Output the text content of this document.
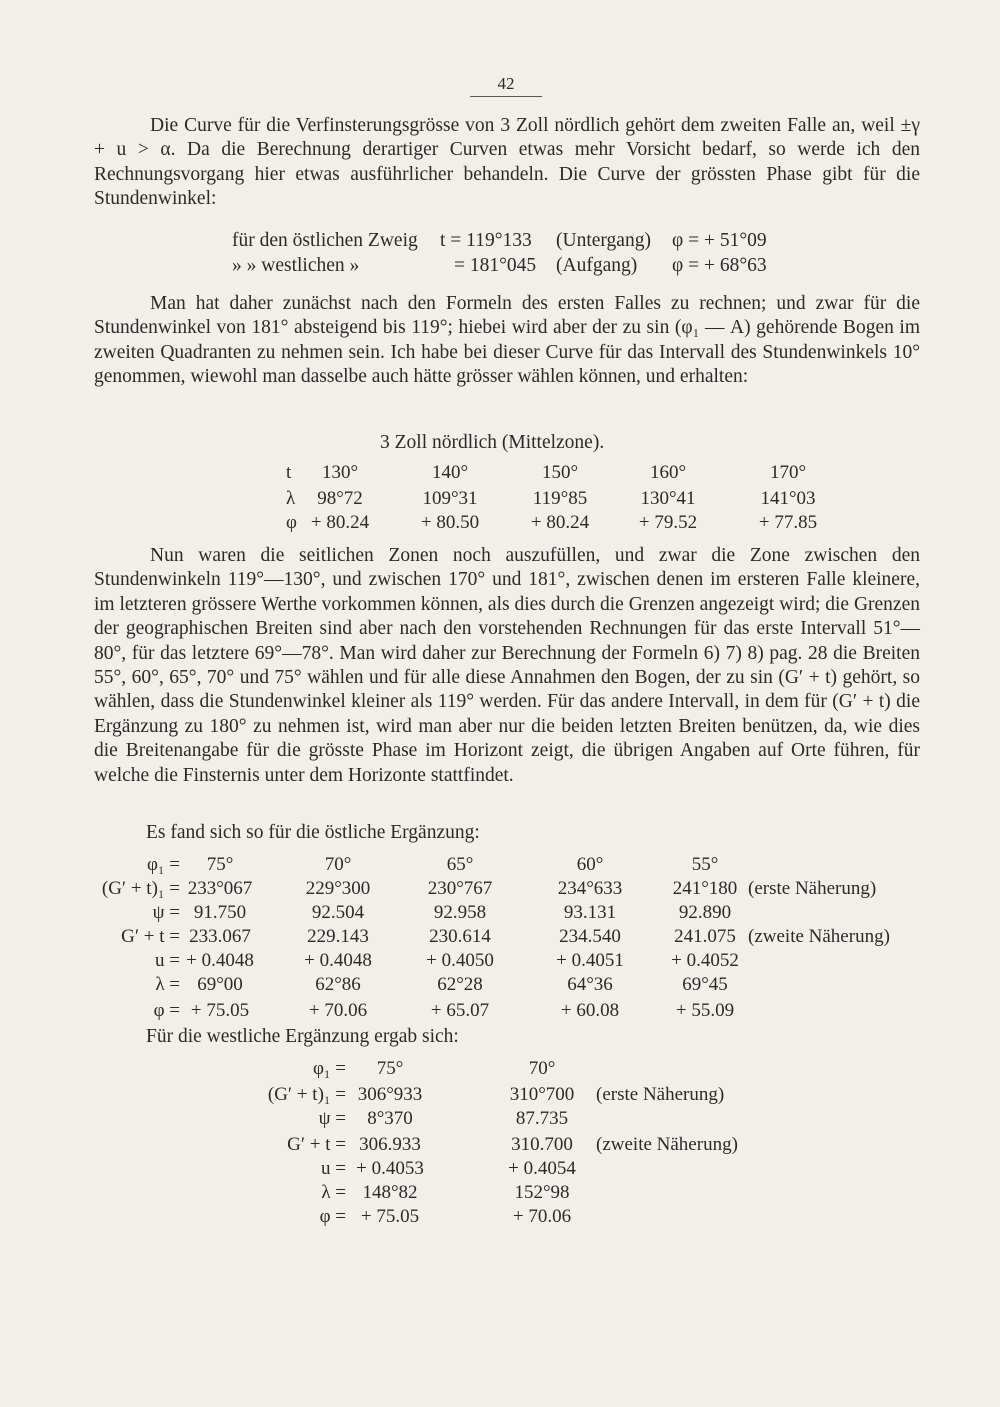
42
Die Curve für die Verfinsterungsgrösse von 3 Zoll nördlich gehört dem zweiten Falle an, weil ±γ + u > α. Da die Berechnung derartiger Curven etwas mehr Vorsicht bedarf, so werde ich den Rechnungsvorgang hier etwas ausführlicher behandeln. Die Curve der grössten Phase gibt für die Stundenwinkel:
für den östlichen Zweig t = 119°133 (Untergang) φ = + 51°09
» » westlichen »	= 181°045 (Aufgang) φ = + 68°63
Man hat daher zunächst nach den Formeln des ersten Falles zu rechnen; und zwar für die Stundenwinkel von 181° absteigend bis 119°; hiebei wird aber der zu sin (φ₁ — A) gehörende Bogen im zweiten Quadranten zu nehmen sein. Ich habe bei dieser Curve für das Intervall des Stundenwinkels 10° genommen, wiewohl man dasselbe auch hätte grösser wählen können, und erhalten:
3 Zoll nördlich (Mittelzone).
t	130°	140°	150°	160°	170°
λ	98°72	109°31	119°85	130°41	141°03
φ + 80.24	+ 80.50	+ 80.24	+ 79.52	+ 77.85
Nun waren die seitlichen Zonen noch auszufüllen, und zwar die Zone zwischen den Stundenwinkeln 119°—130°, und zwischen 170° und 181°, zwischen denen im ersteren Falle kleinere, im letzteren grössere Werthe vorkommen können, als dies durch die Grenzen angezeigt wird; die Grenzen der geographischen Breiten sind aber nach den vorstehenden Rechnungen für das erste Intervall 51°—80°, für das letztere 69°—78°. Man wird daher zur Berechnung der Formeln 6) 7) 8) pag. 28 die Breiten 55°, 60°, 65°, 70° und 75° wählen und für alle diese Annahmen den Bogen, der zu sin (G′ + t) gehört, so wählen, dass die Stundenwinkel kleiner als 119° werden. Für das andere Intervall, in dem für (G′ + t) die Ergänzung zu 180° zu nehmen ist, wird man aber nur die beiden letzten Breiten benützen, da, wie dies die Breitenangabe für die grösste Phase im Horizont zeigt, die übrigen Angaben auf Orte führen, für welche die Finsternis unter dem Horizonte stattfindet.
Es fand sich so für die östliche Ergänzung:
φ₁ =	75°	70°	65°	60°	55°
(G′ + t)₁ = 233°067	229°300	230°767	234°633	241°180 (erste Näherung)
ψ = 91.750	92.504	92.958	93.131	92.890
G′ + t = 233.067	229.143	230.614	234.540	241.075 (zweite Näherung)
u = + 0.4048	+ 0.4048	+ 0.4050	+ 0.4051	+ 0.4052
λ = 69°00	62°86	62°28	64°36	69°45
φ = + 75.05	+ 70.06	+ 65.07	+ 60.08	+ 55.09
Für die westliche Ergänzung ergab sich:
φ₁ =	75°	70°
(G′ + t)₁ = 306°933	310°700	(erste Näherung)
ψ =	8°370	87.735
G′ + t = 306.933	310.700	(zweite Näherung)
u = + 0.4053	+ 0.4054
λ = 148°82	152°98
φ = + 75.05	+ 70.06
